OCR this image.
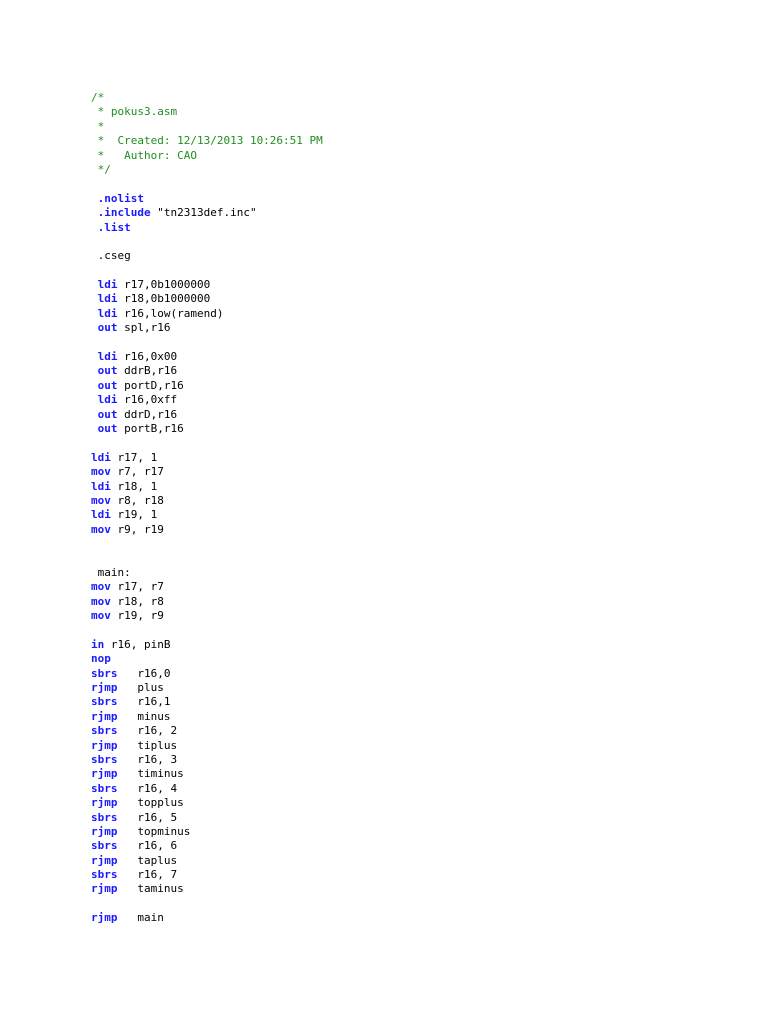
/*
* pokus3.asm
*
*  Created: 12/13/2013 10:26:51 PM
*   Author: CAO
*/

.nolist
.include "tn2313def.inc"
.list

.cseg

ldi r17,0b1000000
ldi r18,0b1000000
ldi r16,low(ramend)
out spl,r16

ldi r16,0x00
out ddrB,r16
out portD,r16
ldi r16,0xff
out ddrD,r16
out portB,r16

ldi r17, 1
mov r7, r17
ldi r18, 1
mov r8, r18
ldi r19, 1
mov r9, r19

main:
mov r17, r7
mov r18, r8
mov r19, r9

in r16, pinB
nop
sbrs   r16,0
rjmp   plus
sbrs   r16,1
rjmp   minus
sbrs   r16, 2
rjmp   tiplus
sbrs   r16, 3
rjmp   timinus
sbrs   r16, 4
rjmp   topplus
sbrs   r16, 5
rjmp   topminus
sbrs   r16, 6
rjmp   taplus
sbrs   r16, 7
rjmp   taminus

rjmp   main
